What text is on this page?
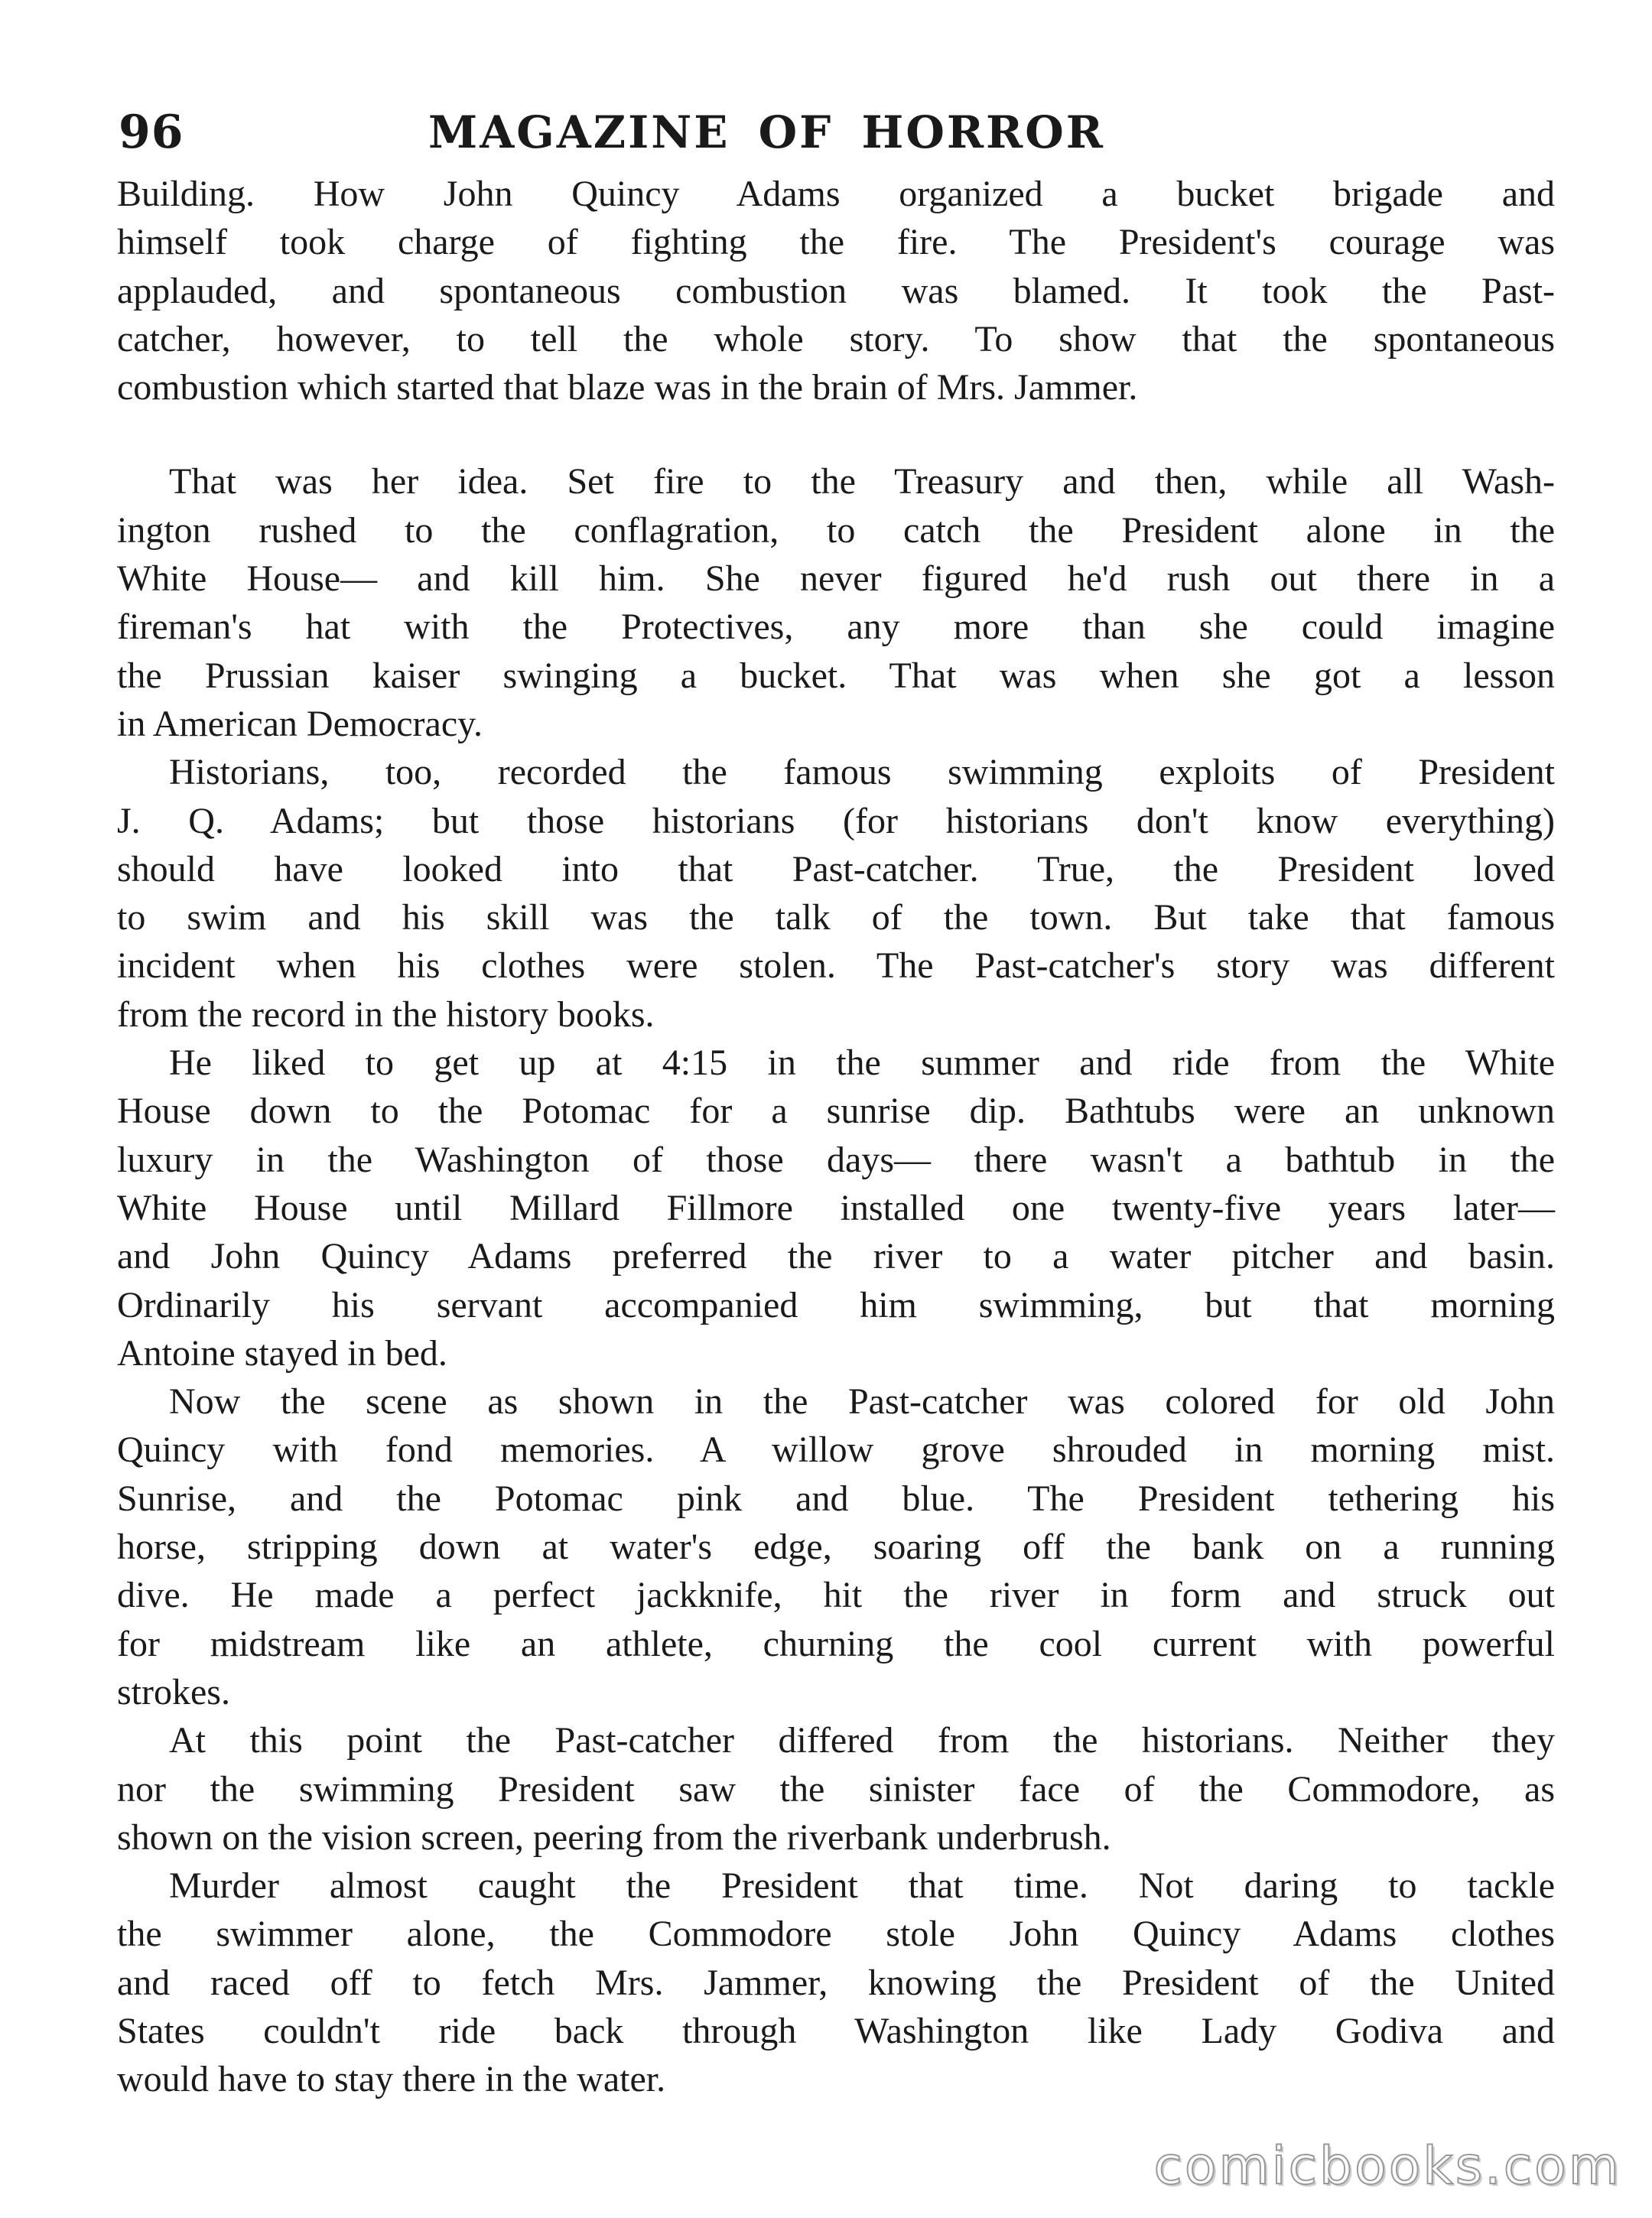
96	MAGAZINE OF HORROR
Building. How John Quincy Adams organized a bucket brigade and
himself took charge of fighting the fire. The President's courage was
applauded, and spontaneous combustion was blamed. It took the Past-
catcher, however, to tell the whole story. To show that the spontaneous
combustion which started that blaze was in the brain of Mrs. Jammer.
That was her idea. Set fire to the Treasury and then, while all Wash-
ington rushed to the conflagration, to catch the President alone in the
White House— and kill him. She never figured he'd rush out there in a
fireman's hat with the Protectives, any more than she could imagine
the Prussian kaiser swinging a bucket. That was when she got a lesson
in American Democracy.
Historians, too, recorded the famous swimming exploits of President
J. Q. Adams; but those historians (for historians don't know everything)
should have looked into that Past-catcher. True, the President loved
to swim and his skill was the talk of the town. But take that famous
incident when his clothes were stolen. The Past-catcher's story was different
from the record in the history books.
He liked to get up at 4:15 in the summer and ride from the White
House down to the Potomac for a sunrise dip. Bathtubs were an unknown
luxury in the Washington of those days— there wasn't a bathtub in the
White House until Millard Fillmore installed one twenty-five years later—
and John Quincy Adams preferred the river to a water pitcher and basin.
Ordinarily his servant accompanied him swimming, but that morning
Antoine stayed in bed.
Now the scene as shown in the Past-catcher was colored for old John
Quincy with fond memories. A willow grove shrouded in morning mist.
Sunrise, and the Potomac pink and blue. The President tethering his
horse, stripping down at water's edge, soaring off the bank on a running
dive. He made a perfect jackknife, hit the river in form and struck out
for midstream like an athlete, churning the cool current with powerful
strokes.
At this point the Past-catcher differed from the historians. Neither they
nor the swimming President saw the sinister face of the Commodore, as
shown on the vision screen, peering from the riverbank underbrush.
Murder almost caught the President that time. Not daring to tackle
the swimmer alone, the Commodore stole John Quincy Adams clothes
and raced off to fetch Mrs. Jammer, knowing the President of the United
States couldn't ride back through Washington like Lady Godiva and
would have to stay there in the water.
comicbooks.com
